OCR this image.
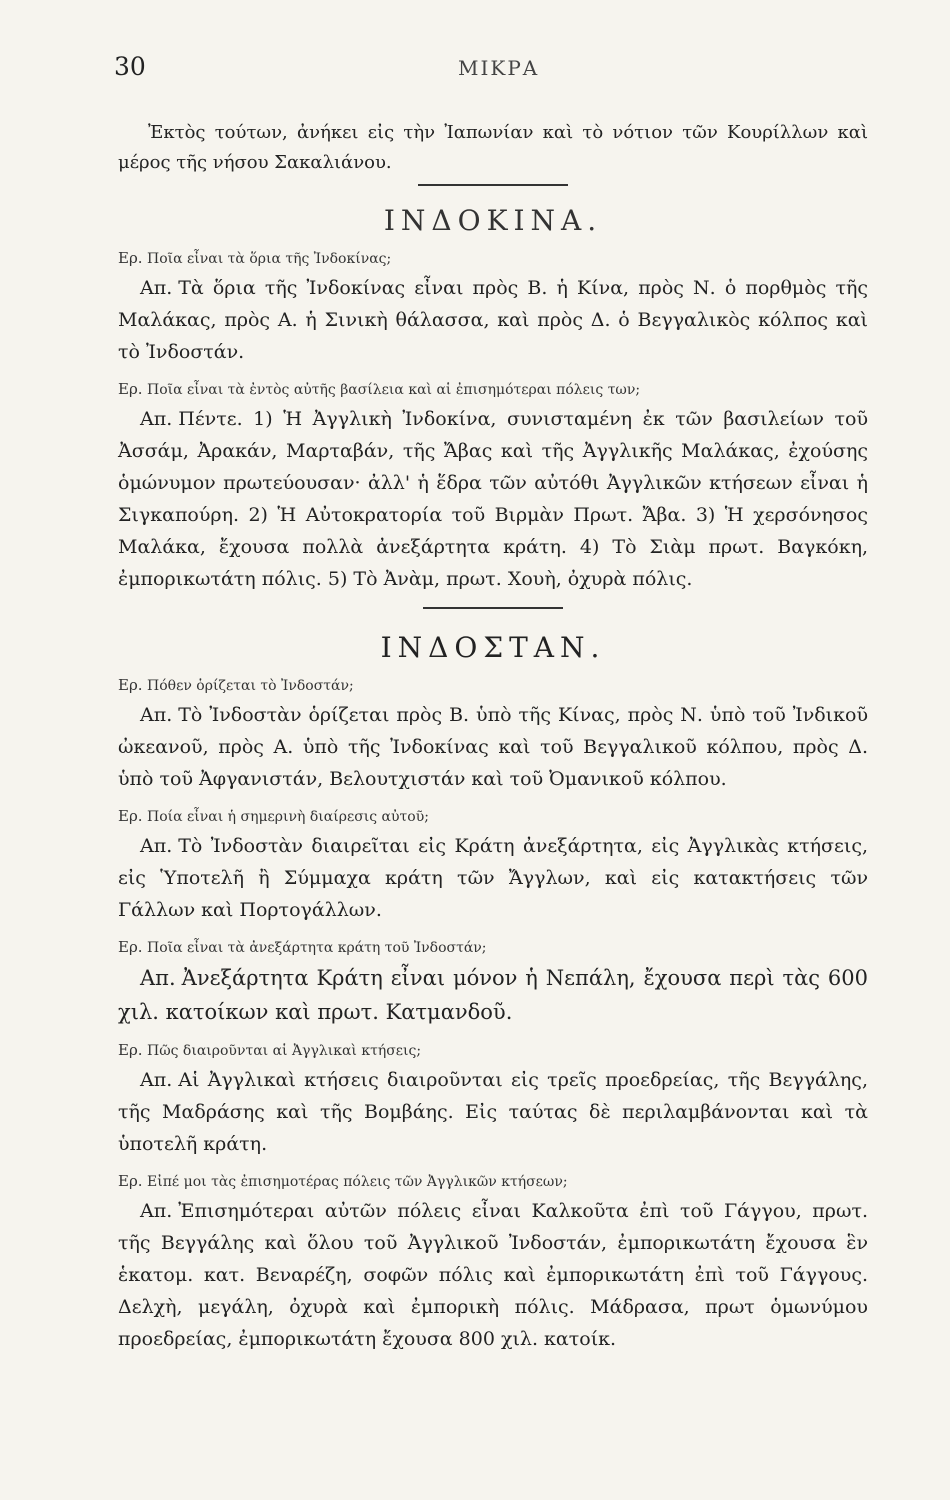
30	ΜΙΚΡΑ

Ἐκτὸς τούτων, ἀνήκει εἰς τὴν Ἰαπωνίαν καὶ τὸ νότιον τῶν Κουρίλλων καὶ μέρος τῆς νήσου Σακαλιάνου.

ΙΝΔΟΚΙΝΑ.

Ερ. Ποῖα εἶναι τὰ ὅρια τῆς Ἰνδοκίνας;

Απ. Τὰ ὅρια τῆς Ἰνδοκίνας εἶναι πρὸς Β. ἡ Κίνα, πρὸς Ν. ὁ πορθμὸς τῆς Μαλάκας, πρὸς Α. ἡ Σινικὴ θάλασσα, καὶ πρὸς Δ. ὁ Βεγγαλικὸς κόλπος καὶ τὸ Ἰνδοστάν.

Ερ. Ποῖα εἶναι τὰ ἐντὸς αὐτῆς βασίλεια καὶ αἱ ἐπισημότεραι πόλεις των;

Απ. Πέντε. 1) Ἡ Ἀγγλικὴ Ἰνδοκίνα, συνισταμένη ἐκ τῶν βασιλείων τοῦ Ἀσσάμ, Ἀρακάν, Μαρταβάν, τῆς Ἄβας καὶ τῆς Ἀγγλικῆς Μαλάκας, ἐχούσης ὁμώνυμον πρωτεύουσαν· ἀλλ' ἡ ἕδρα τῶν αὐτόθι Ἀγγλικῶν κτήσεων εἶναι ἡ Σιγκαπούρη. 2) Ἡ Αὐτοκρατορία τοῦ Βιρμὰν Πρωτ. Ἄβα. 3) Ἡ χερσόνησος Μαλάκα, ἔχουσα πολλὰ ἀνεξάρτητα κράτη. 4) Τὸ Σιὰμ πρωτ. Βαγκόκη, ἐμπορικωτάτη πόλις. 5) Τὸ Ἀνὰμ, πρωτ. Χουὴ, ὀχυρὰ πόλις.

ΙΝΔΟΣΤΑΝ.

Ερ. Πόθεν ὁρίζεται τὸ Ἰνδοστάν;

Απ. Τὸ Ἰνδοστὰν ὁρίζεται πρὸς Β. ὑπὸ τῆς Κίνας, πρὸς Ν. ὑπὸ τοῦ Ἰνδικοῦ ὠκεανοῦ, πρὸς Α. ὑπὸ τῆς Ἰνδοκίνας καὶ τοῦ Βεγγαλικοῦ κόλπου, πρὸς Δ. ὑπὸ τοῦ Ἀφγανιστάν, Βελουτχιστάν καὶ τοῦ Ὀμανικοῦ κόλπου.

Ερ. Ποία εἶναι ἡ σημερινὴ διαίρεσις αὐτοῦ;

Απ. Τὸ Ἰνδοστὰν διαιρεῖται εἰς Κράτη ἀνεξάρτητα, εἰς Ἀγγλικὰς κτήσεις, εἰς Ὑποτελῆ ἢ Σύμμαχα κράτη τῶν Ἄγγλων, καὶ εἰς κατακτήσεις τῶν Γάλλων καὶ Πορτογάλλων.

Ερ. Ποῖα εἶναι τὰ ἀνεξάρτητα κράτη τοῦ Ἰνδοστάν;

Απ. Ἀνεξάρτητα Κράτη εἶναι μόνον ἡ Νεπάλη, ἔχουσα περὶ τὰς 600 χιλ. κατοίκων καὶ πρωτ. Κατμανδοῦ.

Ερ. Πῶς διαιροῦνται αἱ Ἀγγλικαὶ κτήσεις;

Απ. Αἱ Ἀγγλικαὶ κτήσεις διαιροῦνται εἰς τρεῖς προεδρείας, τῆς Βεγγάλης, τῆς Μαδράσης καὶ τῆς Βομβάης. Εἰς ταύτας δὲ περιλαμβάνονται καὶ τὰ ὑποτελῆ κράτη.

Ερ. Εἰπέ μοι τὰς ἐπισημοτέρας πόλεις τῶν Ἀγγλικῶν κτήσεων;

Απ. Ἐπισημότεραι αὐτῶν πόλεις εἶναι Καλκοῦτα ἐπὶ τοῦ Γάγγου, πρωτ. τῆς Βεγγάλης καὶ ὅλου τοῦ Ἀγγλικοῦ Ἰνδοστάν, ἐμπορικωτάτη ἔχουσα ἓν ἑκατομ. κατ. Βεναρέζη, σοφῶν πόλις καὶ ἐμπορικωτάτη ἐπὶ τοῦ Γάγγους. Δελχὴ, μεγάλη, ὀχυρὰ καὶ ἐμπορικὴ πόλις. Μάδρασα, πρωτ ὁμωνύμου προεδρείας, ἐμπορικωτάτη ἔχουσα 800 χιλ. κατοίκ.
